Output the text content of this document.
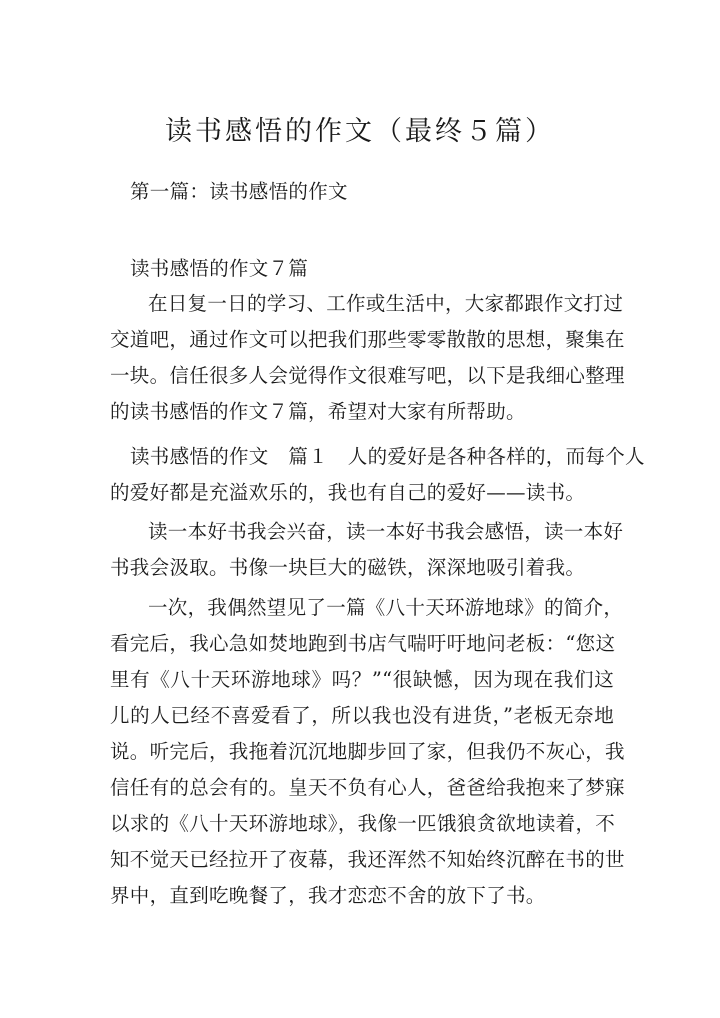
读书感悟的作文（最终５篇）
第一篇：读书感悟的作文
读书感悟的作文７篇
在日复一日的学习、工作或生活中，大家都跟作文打过
交道吧，通过作文可以把我们那些零零散散的思想，聚集在
一块。信任很多人会觉得作文很难写吧，以下是我细心整理
的读书感悟的作文７篇，希望对大家有所帮助。
读书感悟的作文　篇１　人的爱好是各种各样的，而每个人
的爱好都是充溢欢乐的，我也有自己的爱好——读书。
读一本好书我会兴奋，读一本好书我会感悟，读一本好
书我会汲取。书像一块巨大的磁铁，深深地吸引着我。
一次，我偶然望见了一篇《八十天环游地球》的简介，
看完后，我心急如焚地跑到书店气喘吁吁地问老板：“您这
里有《八十天环游地球》吗？”“很缺憾，因为现在我们这
儿的人已经不喜爱看了，所以我也没有进货，”老板无奈地
说。听完后，我拖着沉沉地脚步回了家，但我仍不灰心，我
信任有的总会有的。皇天不负有心人，爸爸给我抱来了梦寐
以求的《八十天环游地球》，我像一匹饿狼贪欲地读着，不
知不觉天已经拉开了夜幕，我还浑然不知始终沉醉在书的世
界中，直到吃晚餐了，我才恋恋不舍的放下了书。
